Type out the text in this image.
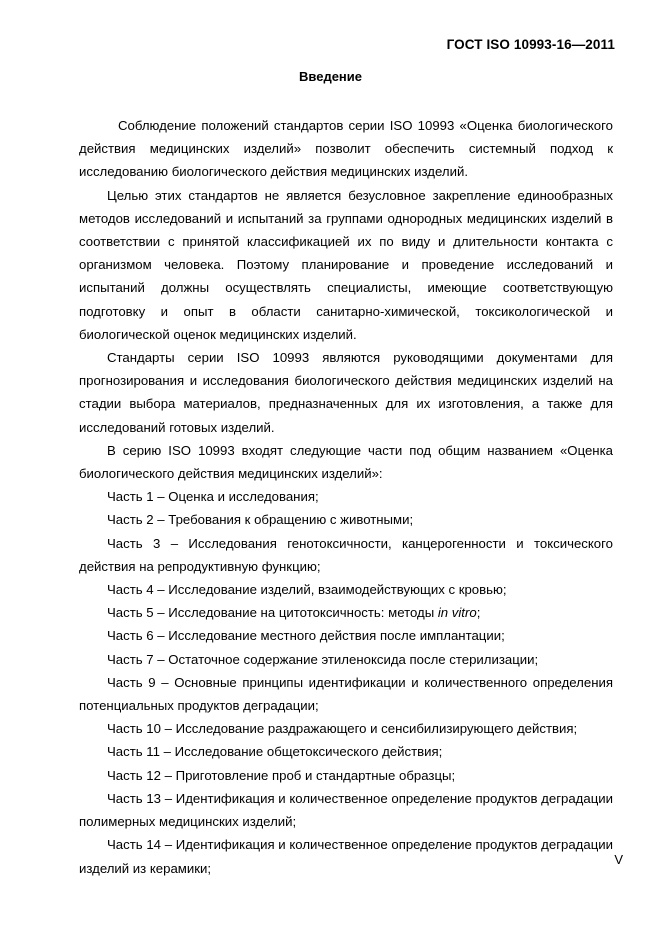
ГОСТ ISO 10993-16—2011
Введение

Соблюдение положений стандартов серии ISO 10993 «Оценка биологического действия медицинских изделий» позволит обеспечить системный подход к исследованию биологического действия медицинских изделий.

Целью этих стандартов не является безусловное закрепление единообразных методов исследований и испытаний за группами однородных медицинских изделий в соответствии с принятой классификацией их по виду и длительности контакта с организмом человека. Поэтому планирование и проведение исследований и испытаний должны осуществлять специалисты, имеющие соответствующую подготовку и опыт в области санитарно-химической, токсикологической и биологической оценок медицинских изделий.

Стандарты серии ISO 10993 являются руководящими документами для прогнозирования и исследования биологического действия медицинских изделий на стадии выбора материалов, предназначенных для их изготовления, а также для исследований готовых изделий.

В серию ISO 10993 входят следующие части под общим названием «Оценка биологического действия медицинских изделий»:

Часть 1 – Оценка и исследования;

Часть 2 – Требования к обращению с животными;

Часть 3 – Исследования генотоксичности, канцерогенности и токсического действия на репродуктивную функцию;

Часть 4 – Исследование изделий, взаимодействующих с кровью;

Часть 5 – Исследование на цитотоксичность: методы in vitro;

Часть 6 – Исследование местного действия после имплантации;

Часть 7 – Остаточное содержание этиленоксида после стерилизации;

Часть 9 – Основные принципы идентификации и количественного определения потенциальных продуктов деградации;

Часть 10 – Исследование раздражающего и сенсибилизирующего действия;

Часть 11 – Исследование общетоксического действия;

Часть 12 – Приготовление проб и стандартные образцы;

Часть 13 – Идентификация и количественное определение продуктов деградации полимерных медицинских изделий;

Часть 14 – Идентификация и количественное определение продуктов деградации изделий из керамики;

V
